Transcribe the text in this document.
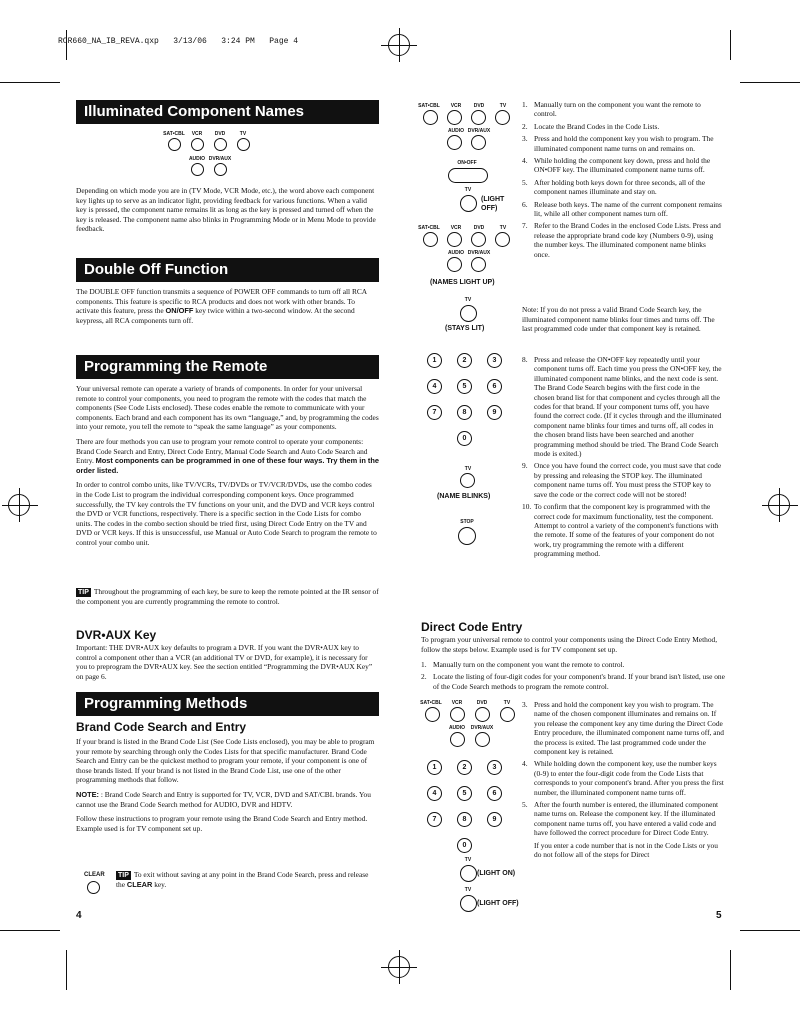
RCR660_NA_IB_REVA.qxp   3/13/06   3:24 PM   Page 4
Illuminated Component Names
SAT•CBL	VCR	DVD	TV
AUDIO DVR/AUX
Depending on which mode you are in (TV Mode, VCR Mode, etc.), the word above each component key lights up to serve as an indicator light, providing feedback for various functions. When a valid key is pressed, the component name remains lit as long as the key is pressed and turned off when the key is released. The component name also blinks in Programming Mode or in Menu Mode to provide feedback.
Double Off Function
The DOUBLE OFF function transmits a sequence of POWER OFF commands to turn off all RCA components. This feature is specific to RCA products and does not work with other brands. To activate this feature, press the ON/OFF key twice within a two-second window. At the second keypress, all RCA components turn off.
Programming the Remote

Your universal remote can operate a variety of brands of components. In order for your universal remote to control your components, you need to program the remote with the codes that match the components (See Code Lists enclosed). These codes enable the remote to communicate with your components. Each brand and each component has its own “language,” and, by programming the codes into your remote, you tell the remote to “speak the same language” as your components.

There are four methods you can use to program your remote control to operate your components: Brand Code Search and Entry, Direct Code Entry, Manual Code Search and Auto Code Search and Entry. Most components can be programmed in one of these four ways. Try them in the order listed.

In order to control combo units, like TV/VCRs, TV/DVDs or TV/VCR/DVDs, use the combo codes in the Code List to program the individual corresponding component keys. Once programmed successfully, the TV key controls the TV functions on your unit, and the DVD and VCR keys control the DVD or VCR functions, respectively. There is a specific section in the Code Lists for combo units. The codes in the combo section should be tried first, using Direct Code Entry on the TV and DVD or VCR keys. If this is unsuccessful, use Manual or Auto Code Search to program the remote to control your combo unit.

TIP Throughout the programming of each key, be sure to keep the remote pointed at the IR sensor of the component you are currently programming the remote to control.
DVR•AUX Key
Important: THE DVR•AUX key defaults to program a DVR. If you want the DVR•AUX key to control a component other than a VCR (an additional TV or DVD, for example), it is necessary for you to preprogram the DVR•AUX key. See the section entitled “Programming the DVR•AUX Key” on page 6.
Programming Methods
Brand Code Search and Entry

If your brand is listed in the Brand Code List (See Code Lists enclosed), you may be able to program your remote by searching through only the Codes Lists for that specific manufacturer. Brand Code Search and Entry can be the quickest method to program your remote, if your component is one of those brands listed. If your brand is not listed in the Brand Code List, use one of the other programming methods that follow.

NOTE: : Brand Code Search and Entry is supported for TV, VCR, DVD and SAT/CBL brands. You cannot use the Brand Code Search method for AUDIO, DVR and HDTV.

Follow these instructions to program your remote using the Brand Code Search and Entry method. Example used is for TV component set up.

CLEAR TIP To exit without saving at any point in the Brand Code Search, press and release the CLEAR key.
4
SAT•CBL	VCR	DVD	TV
AUDIO DVR/AUX
ON•OFF
TV
(LIGHT OFF)
SAT•CBL	VCR	DVD	TV
AUDIO DVR/AUX
(NAMES LIGHT UP)
TV
(STAYS LIT)
1	2	3
4	5	6
7	8	9
0
TV
(NAME BLINKS)
STOP
1. Manually turn on the component you want the remote to control.
2. Locate the Brand Codes in the Code Lists.
3. Press and hold the component key you wish to program. The illuminated component name turns on and remains on.
4. While holding the component key down, press and hold the ON•OFF key. The illuminated component name turns off.
5. After holding both keys down for three seconds, all of the component names illuminate and stay on.
6. Release both keys. The name of the current component remains lit, while all other component names turn off.
7. Refer to the Brand Codes in the enclosed Code Lists. Press and release the appropriate brand code key (Numbers 0-9), using the number keys. The illuminated component name blinks once.
Note: If you do not press a valid Brand Code Search key, the illuminated component name blinks four times and turns off. The last programmed code under that component key is retained.
8. Press and release the ON•OFF key repeatedly until your component turns off. Each time you press the ON•OFF key, the illuminated component name blinks, and the next code is sent. The Brand Code Search begins with the first code in the chosen brand list for that component and cycles through all the codes for that brand. If your component turns off, you have found the correct code. (If it cycles through and the illuminated component name blinks four times and turns off, all codes in the chosen brand lists have been searched and another programming method should be tried. The Brand Code Search mode is exited.)
9. Once you have found the correct code, you must save that code by pressing and releasing the STOP key. The illuminated component name turns off. You must press the STOP key to save the code or the correct code will not be stored!
10. To confirm that the component key is programmed with the correct code for maximum functionality, test the component. Attempt to control a variety of the component's functions with the remote. If some of the features of your component do not work, try programming the remote with a different programming method.
Direct Code Entry
To program your universal remote to control your components using the Direct Code Entry Method, follow the steps below. Example used is for TV component set up.
1. Manually turn on the component you want the remote to control.
2. Locate the listing of four-digit codes for your component's brand. If your brand isn't listed, use one of the Code Search methods to program the remote control.
SAT•CBL	VCR	DVD	TV
AUDIO	DVR/AUX
1	2	3
4	5	6
7	8	9
0
TV
(LIGHT ON)
TV
(LIGHT OFF)
3. Press and hold the component key you wish to program. The name of the chosen component illuminates and remains on. If you release the component key any time during the Direct Code Entry procedure, the illuminated component name turns off, and the process is exited. The last programmed code under the component key is retained.
4. While holding down the component key, use the number keys (0-9) to enter the four-digit code from the Code Lists that corresponds to your component's brand. After you press the first number, the illuminated component name turns off.
5. After the fourth number is entered, the illuminated component name turns on. Release the component key. If the illuminated component name turns off, you have entered a valid code and have followed the correct procedure for Direct Code Entry.
If you enter a code number that is not in the Code Lists or you do not follow all of the steps for Direct
5
